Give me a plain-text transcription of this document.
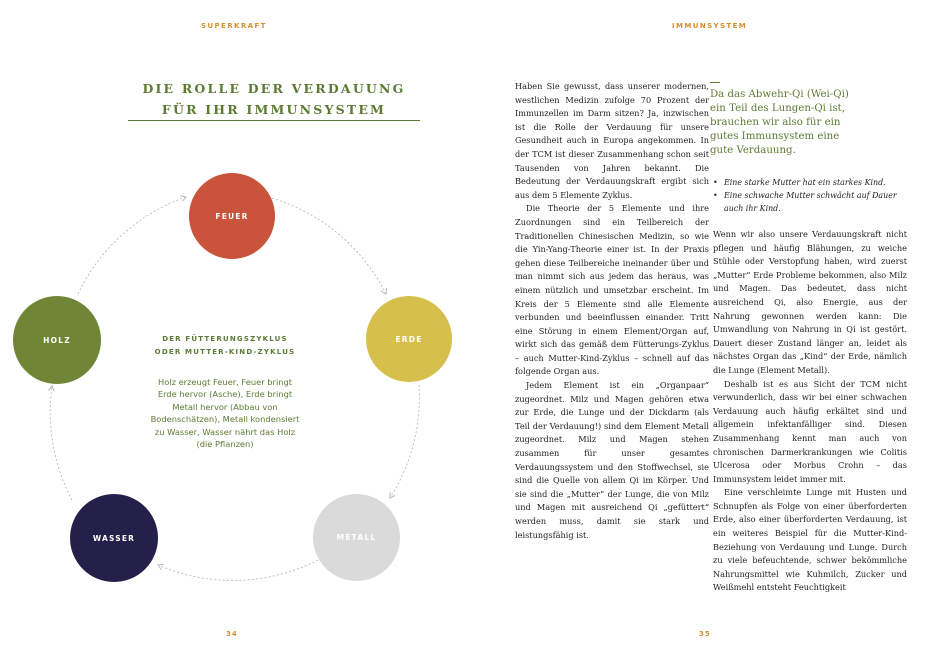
SUPERKRAFT
DIE ROLLE DER VERDAUUNG
FÜR IHR IMMUNSYSTEM
FEUER
ERDE
METALL
WASSER
HOLZ	DER FÜTTERUNGSZYKLUS
ODER MUTTER-KIND-ZYKLUS
Holz erzeugt Feuer, Feuer bringt Erde hervor (Asche), Erde bringt Metall hervor (Abbau von Bodenschätzen), Metall kondensiert zu Wasser, Wasser nährt das Holz (die Pflanzen)
34
IMMUNSYSTEM

Haben Sie gewusst, dass unserer modernen, westlichen Medizin zufolge 70 Prozent der Immunzellen im Darm sitzen? Ja, inzwischen ist die Rolle der Verdauung für unsere Gesundheit auch in Europa angekommen. In der TCM ist dieser Zusammenhang schon seit Tausenden von Jahren bekannt. Die Bedeutung der Verdauungskraft ergibt sich aus dem 5 Elemente Zyklus.

Die Theorie der 5 Elemente und ihre Zuordnungen sind ein Teilbereich der Traditionellen Chinesischen Medizin, so wie die Yin-Yang-Theorie einer ist. In der Praxis gehen diese Teilbereiche ineinander über und man nimmt sich aus jedem das heraus, was einem nützlich und umsetzbar erscheint. Im Kreis der 5 Elemente sind alle Elemente verbunden und beeinflussen einander. Tritt eine Störung in einem Element/Organ auf, wirkt sich das gemäß dem Fütterungs-Zyklus – auch Mutter-Kind-Zyklus – schnell auf das folgende Organ aus.

Jedem Element ist ein „Organpaar“ zugeordnet. Milz und Magen gehören etwa zur Erde, die Lunge und der Dickdarm (als Teil der Verdauung!) sind dem Element Metall zugeordnet. Milz und Magen stehen zusammen für unser gesamtes Verdauungssystem und den Stoffwechsel, sie sind die Quelle von allem Qi im Körper. Und sie sind die „Mutter“ der Lunge, die von Milz und Magen mit ausreichend Qi „gefüttert“ werden muss, damit sie stark und leistungsfähig ist.

Da das Abwehr-Qi (Wei-Qi) ein Teil des Lungen-Qi ist, brauchen wir also für ein gutes Immunsystem eine gute Verdauung.
• Eine starke Mutter hat ein starkes Kind.
• Eine schwache Mutter schwächt auf Dauer auch ihr Kind.

Wenn wir also unsere Verdauungskraft nicht pflegen und häufig Blähungen, zu weiche Stühle oder Verstopfung haben, wird zuerst „Mutter“ Erde Probleme bekommen, also Milz und Magen. Das bedeutet, dass nicht ausreichend Qi, also Energie, aus der Nahrung gewonnen werden kann: Die Umwandlung von Nahrung in Qi ist gestört. Dauert dieser Zustand länger an, leidet als nächstes Organ das „Kind“ der Erde, nämlich die Lunge (Element Metall).

Deshalb ist es aus Sicht der TCM nicht verwunderlich, dass wir bei einer schwachen Verdauung auch häufig erkältet sind und allgemein infektanfälliger sind. Diesen Zusammenhang kennt man auch von chronischen Darmerkrankungen wie Colitis Ulcerosa oder Morbus Crohn – das Immunsystem leidet immer mit.

Eine verschleimte Lunge mit Husten und Schnupfen als Folge von einer überforderten Erde, also einer überforderten Verdauung, ist ein weiteres Beispiel für die Mutter-Kind-Beziehung von Verdauung und Lunge. Durch zu viele befeuchtende, schwer bekömmliche Nahrungsmittel wie Kuhmilch, Zucker und Weißmehl entsteht Feuchtigkeit

35
